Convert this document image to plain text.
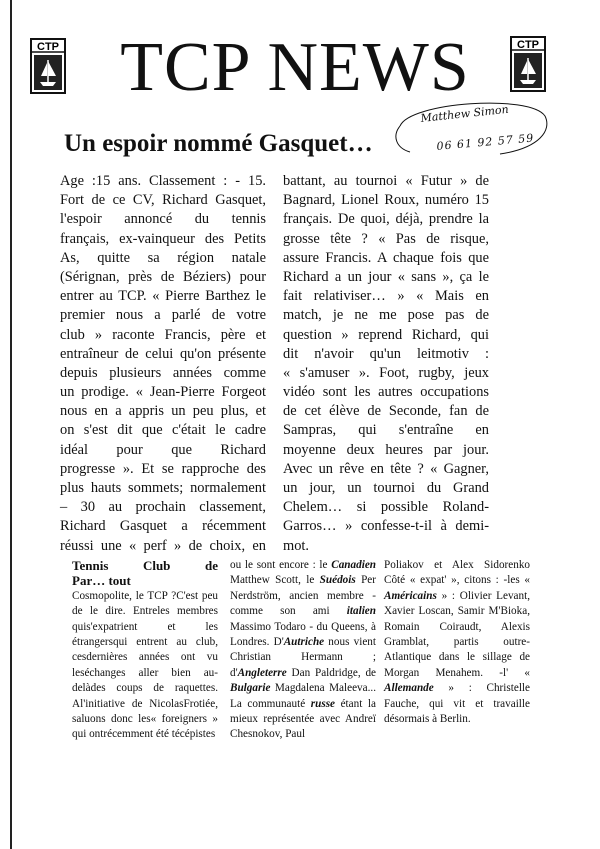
CTP TCP NEWS	CTP
Un espoir nommé Gasquet…
Matthew Simon
06 61 92 57 59
Age :15 ans. Classement : - 15.
Fort de ce CV, Richard Gasquet,
l'espoir annoncé du tennis
français, ex-vainqueur des Petits
As, quitte sa région natale
(Sérignan, près de Béziers) pour
entrer au TCP. « Pierre Barthez le
premier nous a parlé de votre
club » raconte Francis, père et
entraîneur de celui qu'on présente
depuis plusieurs années comme
un prodige. « Jean-Pierre Forgeot
nous en a appris un peu plus, et
on s'est dit que c'était le cadre
idéal pour que Richard
progresse ». Et se rapproche des
plus hauts sommets; normalement
– 30 au prochain classement,
Richard Gasquet a récemment
réussi une « perf » de choix, en
battant, au tournoi « Futur » de
Bagnard, Lionel Roux, numéro 15
français. De quoi, déjà, prendre la
grosse tête ? « Pas de risque,
assure Francis. A chaque fois que
Richard a un jour « sans », ça le
fait relativiser… » « Mais en
match, je ne me pose pas de
question » reprend Richard, qui
dit n'avoir qu'un leitmotiv :
« s'amuser ». Foot, rugby, jeux
vidéo sont les autres occupations
de cet élève de Seconde, fan de
Sampras, qui s'entraîne en
moyenne deux heures par jour.
Avec un rêve en tête ? « Gagner,
un jour, un tournoi du Grand
Chelem… si possible Roland-
Garros… » confesse-t-il à demi-
mot.
Tennis Club de
Par… tout
Cosmopolite, le TCP ?C'est peu de le dire. Entreles membres quis'expatrient et les étrangersqui entrent au club, cesdernières années ont vu leséchanges aller bien au-delàdes coups de raquettes. Al'initiative de NicolasFrotiée, saluons donc les« foreigners » qui ontrécemment été técépistes
ou le sont encore : le Canadien Matthew Scott, le Suédois Per Nerdström, ancien membre - comme son ami italien Massimo Todaro - du Queens, à Londres. D'Autriche nous vient Christian Hermann ; d'Angleterre Dan Paldridge, de Bulgarie Magdalena Maleeva... La communauté russe étant la mieux représentée avec Andreï Chesnokov, Paul
Poliakov et Alex Sidorenko Côté « expat' », citons : -les « Américains » : Olivier Levant, Xavier Loscan, Samir M'Bioka, Romain Coiraudt, Alexis Gramblat, partis outre- Atlantique dans le sillage de Morgan Menahem. -l' « Allemande » : Christelle Fauche, qui vit et travaille désormais à Berlin.
